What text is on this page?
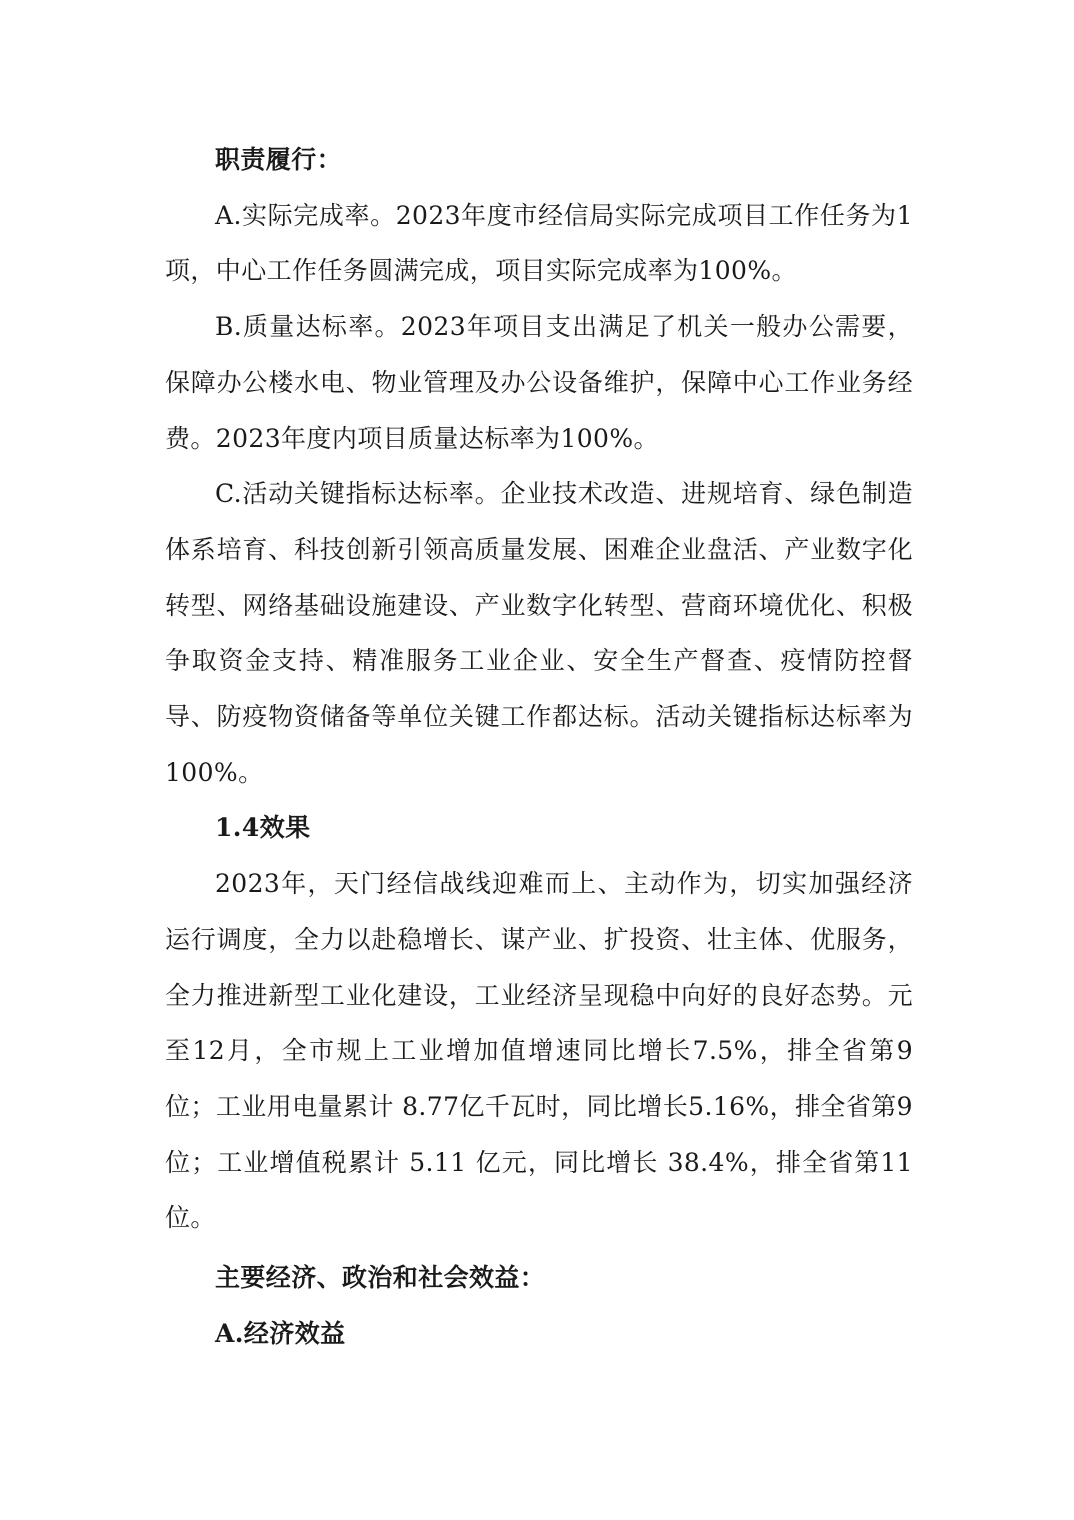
职责履行：

A.实际完成率。2023年度市经信局实际完成项目工作任务为1项，中心工作任务圆满完成，项目实际完成率为100%。

B.质量达标率。2023年项目支出满足了机关一般办公需要，保障办公楼水电、物业管理及办公设备维护，保障中心工作业务经费。2023年度内项目质量达标率为100%。

C.活动关键指标达标率。企业技术改造、进规培育、绿色制造体系培育、科技创新引领高质量发展、困难企业盘活、产业数字化转型、网络基础设施建设、产业数字化转型、营商环境优化、积极争取资金支持、精准服务工业企业、安全生产督查、疫情防控督导、防疫物资储备等单位关键工作都达标。活动关键指标达标率为100%。

1.4效果

2023年，天门经信战线迎难而上、主动作为，切实加强经济运行调度，全力以赴稳增长、谋产业、扩投资、壮主体、优服务，全力推进新型工业化建设，工业经济呈现稳中向好的良好态势。元至12月，全市规上工业增加值增速同比增长7.5%，排全省第9位；工业用电量累计 8.77亿千瓦时，同比增长5.16%，排全省第9位；工业增值税累计 5.11 亿元，同比增长 38.4%，排全省第11位。

主要经济、政治和社会效益：

A.经济效益
